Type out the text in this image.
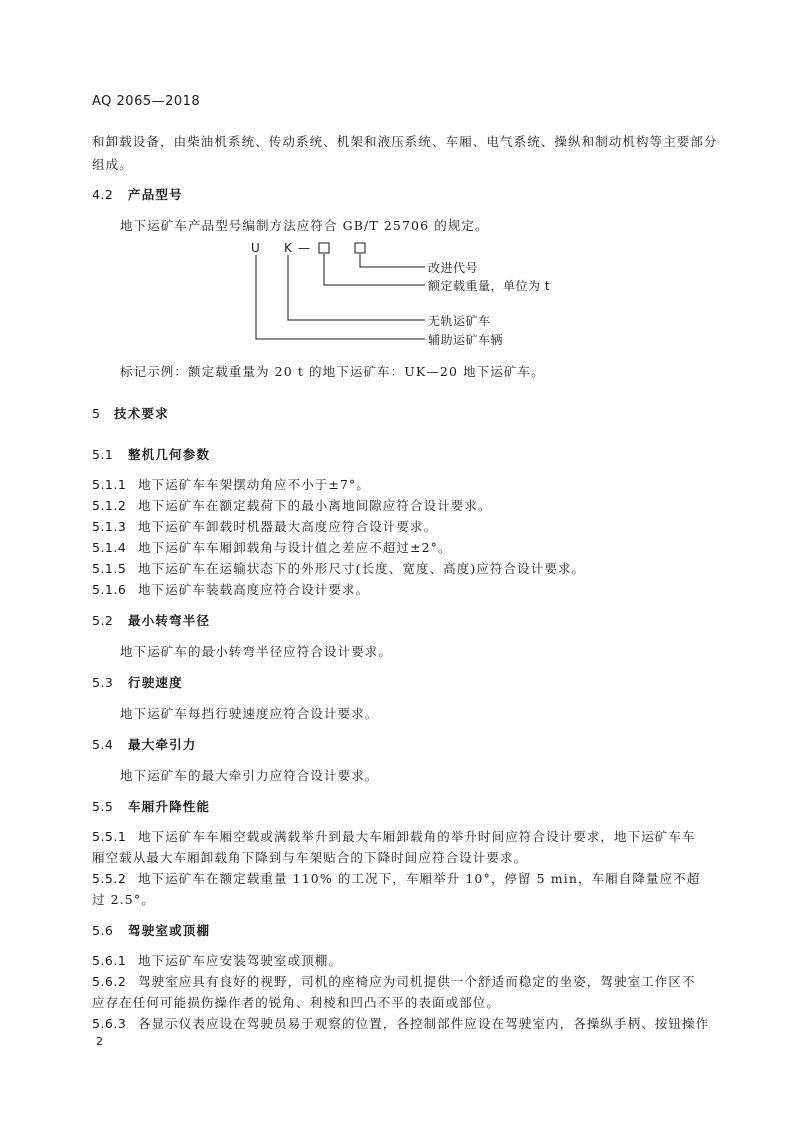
AQ 2065—2018
和卸载设备，由柴油机系统、传动系统、机架和液压系统、车厢、电气系统、操纵和制动机构等主要部分
组成。
4.2 产品型号
地下运矿车产品型号编制方法应符合 GB/T 25706 的规定。
U K —
改进代号
额定载重量，单位为 t
无轨运矿车
辅助运矿车辆
标记示例：额定载重量为 20 t 的地下运矿车：UK—20 地下运矿车。
5 技术要求
5.1 整机几何参数
5.1.1 地下运矿车车架摆动角应不小于±7°。
5.1.2 地下运矿车在额定载荷下的最小离地间隙应符合设计要求。
5.1.3 地下运矿车卸载时机器最大高度应符合设计要求。
5.1.4 地下运矿车车厢卸载角与设计值之差应不超过±2°。
5.1.5 地下运矿车在运输状态下的外形尺寸(长度、宽度、高度)应符合设计要求。
5.1.6 地下运矿车装载高度应符合设计要求。
5.2 最小转弯半径
地下运矿车的最小转弯半径应符合设计要求。
5.3 行驶速度
地下运矿车每挡行驶速度应符合设计要求。
5.4 最大牵引力
地下运矿车的最大牵引力应符合设计要求。
5.5 车厢升降性能
5.5.1 地下运矿车车厢空载或满载举升到最大车厢卸载角的举升时间应符合设计要求，地下运矿车车
厢空载从最大车厢卸载角下降到与车架贴合的下降时间应符合设计要求。
5.5.2 地下运矿车在额定载重量 110% 的工况下，车厢举升 10°，停留 5 min，车厢自降量应不超
过 2.5°。
5.6 驾驶室或顶棚
5.6.1 地下运矿车应安装驾驶室或顶棚。
5.6.2 驾驶室应具有良好的视野，司机的座椅应为司机提供一个舒适而稳定的坐姿，驾驶室工作区不
应存在任何可能损伤操作者的锐角、利棱和凹凸不平的表面或部位。
5.6.3 各显示仪表应设在驾驶员易于观察的位置，各控制部件应设在驾驶室内，各操纵手柄、按钮操作
2
